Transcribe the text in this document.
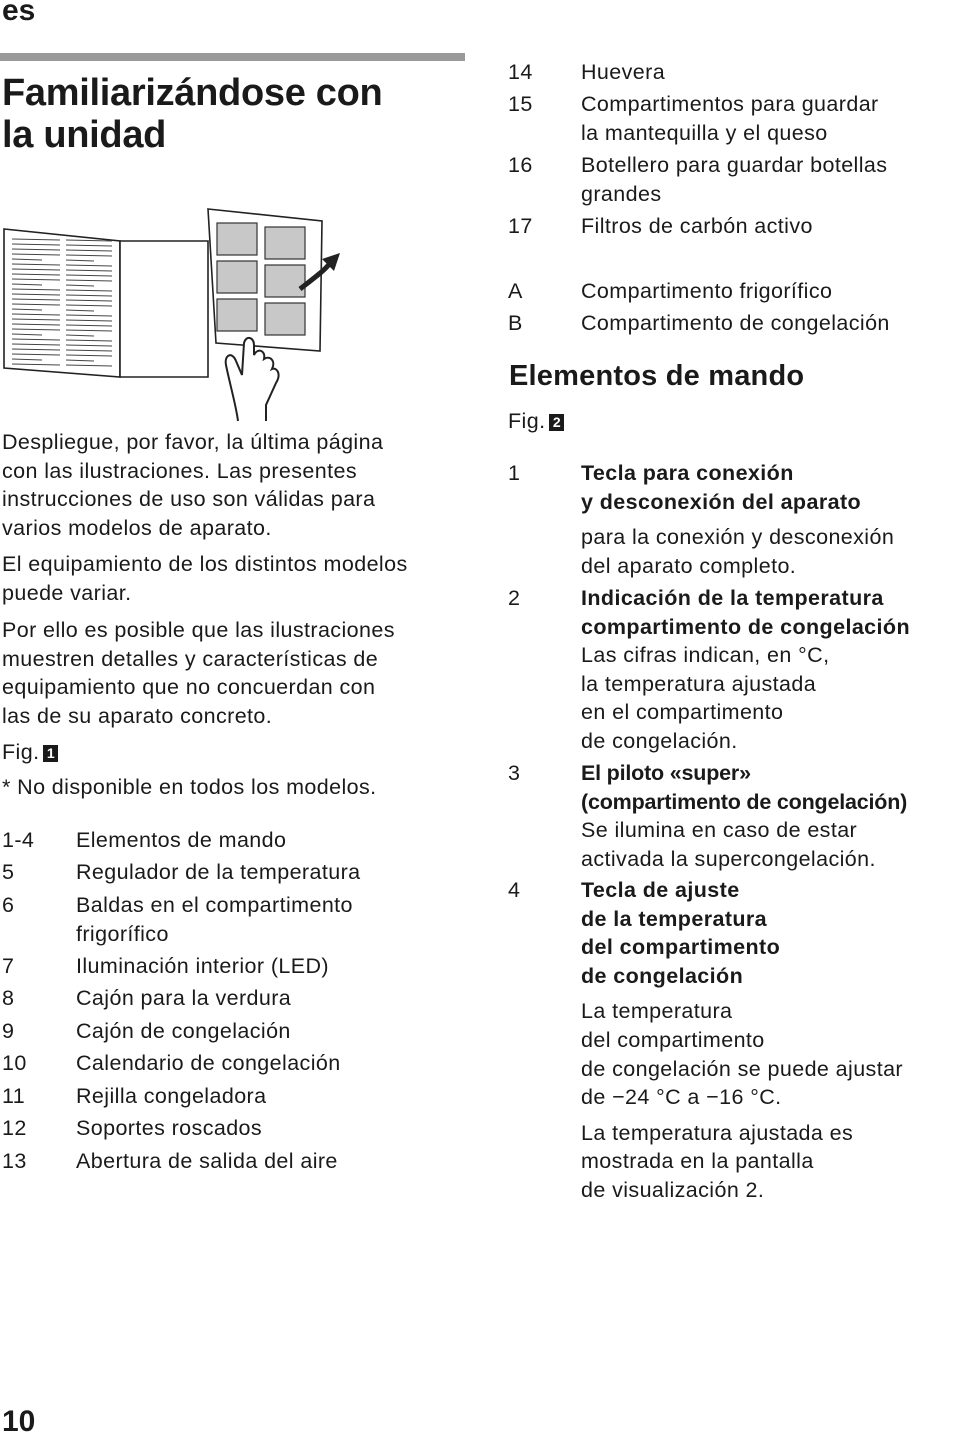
es
Familiarizándose con
la unidad
Despliegue, por favor, la última página
con las ilustraciones. Las presentes
instrucciones de uso son válidas para
varios modelos de aparato.
El equipamiento de los distintos modelos
puede variar.
Por ello es posible que las ilustraciones
muestren detalles y características de
equipamiento que no concuerdan con
las de su aparato concreto.
Fig. 1
* No disponible en todos los modelos.
1-4 Elementos de mando
5	Regulador de la temperatura
6	Baldas en el compartimento
frigorífico
7	Iluminación interior (LED)
8	Cajón para la verdura
9	Cajón de congelación
10 Calendario de congelación
11 Rejilla congeladora
12 Soportes roscados
13 Abertura de salida del aire
14 Huevera
15 Compartimentos para guardar
la mantequilla y el queso
16 Botellero para guardar botellas
grandes
17 Filtros de carbón activo
A	Compartimento frigorífico
B	Compartimento de congelación
Elementos de mando
Fig. 2
1	Tecla para conexión
y desconexión del aparato
para la conexión y desconexión
del aparato completo.
2	Indicación de la temperatura
compartimento de congelación
Las cifras indican, en °C,
la temperatura ajustada
en el compartimento
de congelación.
3	El piloto «super»
(compartimento de congelación)
Se ilumina en caso de estar
activada la supercongelación.
4	Tecla de ajuste
de la temperatura
del compartimento
de congelación
La temperatura
del compartimento
de congelación se puede ajustar
de −24 °C a −16 °C.
La temperatura ajustada es
mostrada en la pantalla
de visualización 2.
10
